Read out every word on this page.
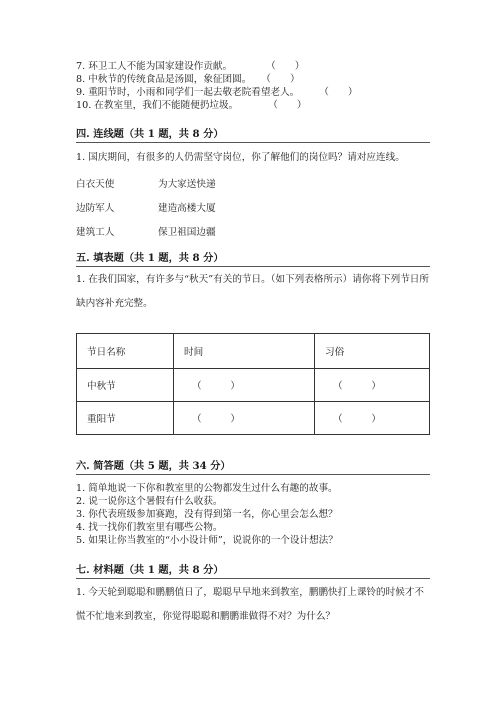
7. 环卫工人不能为国家建设作贡献。	（　　）
8. 中秋节的传统食品是汤圆，象征团圆。 （　　）
9. 重阳节时，小雨和同学们一起去敬老院看望老人。 （　　）
10. 在教室里，我们不能随便扔垃圾。	（　　）
四. 连线题（共 1 题，共 8 分）
1. 国庆期间，有很多的人仍需坚守岗位，你了解他们的岗位吗？请对应连线。
白衣天使	为大家送快递
边防军人	建造高楼大厦
建筑工人	保卫祖国边疆
五. 填表题（共 1 题，共 8 分）
1. 在我们国家，有许多与“秋天”有关的节日。（如下列表格所示）请你将下列节日所缺内容补充完整。
节日名称	时间	习俗
中秋节	（　　　）	（　　　）
重阳节	（　　　）	（　　　）
六. 简答题（共 5 题，共 34 分）
1. 简单地说一下你和教室里的公物都发生过什么有趣的故事。
2. 说一说你这个暑假有什么收获。
3. 你代表班级参加赛跑，没有得到第一名，你心里会怎么想？
4. 找一找你们教室里有哪些公物。
5. 如果让你当教室的“小小设计师”，说说你的一个设计想法？
七. 材料题（共 1 题，共 8 分）
1. 今天轮到聪聪和鹏鹏值日了，聪聪早早地来到教室，鹏鹏快打上课铃的时候才不慌不忙地来到教室，你觉得聪聪和鹏鹏谁做得不对？为什么？
